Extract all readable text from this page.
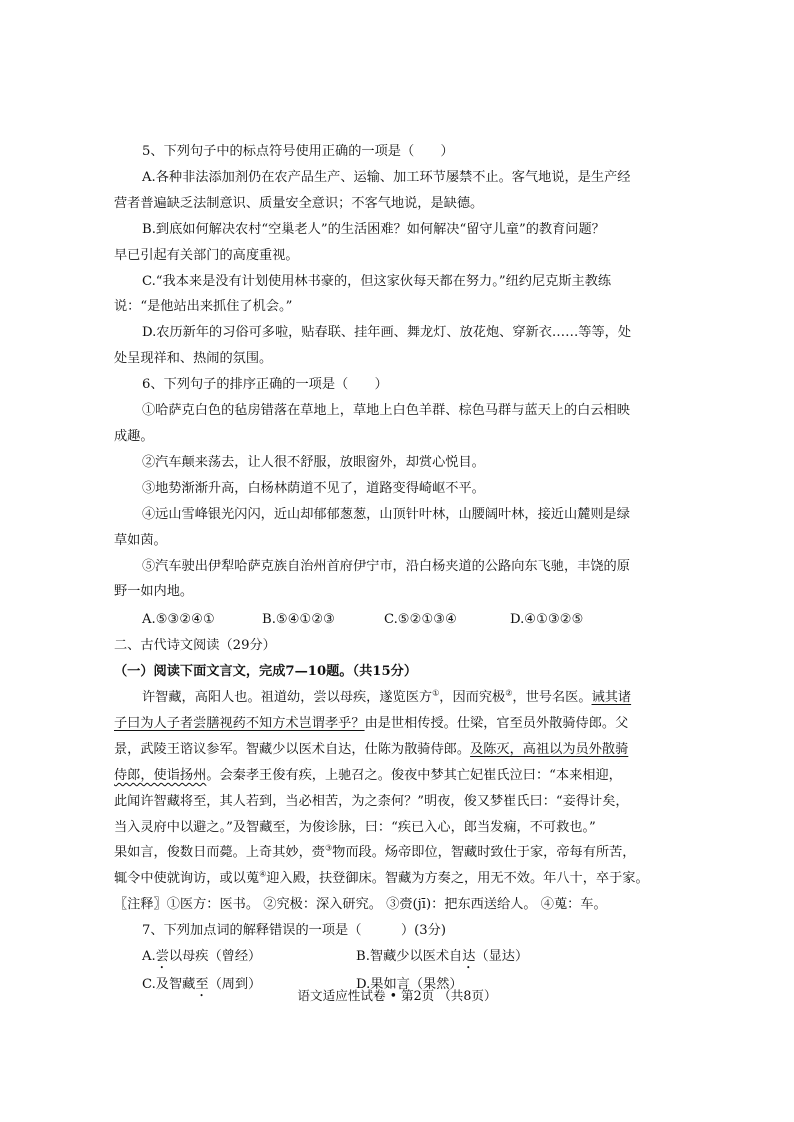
5、下列句子中的标点符号使用正确的一项是（　　）

A.各种非法添加剂仍在农产品生产、运输、加工环节屡禁不止。客气地说，是生产经

营者普遍缺乏法制意识、质量安全意识；不客气地说，是缺德。

B.到底如何解决农村“空巢老人”的生活困难？如何解决“留守儿童”的教育问题？

早已引起有关部门的高度重视。

C.“我本来是没有计划使用林书豪的，但这家伙每天都在努力。”纽约尼克斯主教练

说：“是他站出来抓住了机会。”

D.农历新年的习俗可多啦，贴春联、挂年画、舞龙灯、放花炮、穿新衣……等等，处

处呈现祥和、热闹的氛围。

6、下列句子的排序正确的一项是（　　）

①哈萨克白色的毡房错落在草地上，草地上白色羊群、棕色马群与蓝天上的白云相映

成趣。

②汽车颠来荡去，让人很不舒服，放眼窗外，却赏心悦目。

③地势渐渐升高，白杨林荫道不见了，道路变得崎岖不平。

④远山雪峰银光闪闪，近山却郁郁葱葱，山顶针叶林，山腰阔叶林，接近山麓则是绿

草如茵。

⑤汽车驶出伊犁哈萨克族自治州首府伊宁市，沿白杨夹道的公路向东飞驰，丰饶的原

野一如内地。

A.⑤③②④①	B.⑤④①②③	C.⑤②①③④	D.④①③②⑤

二、古代诗文阅读（29分）

（一）阅读下面文言文，完成7—10题。（共15分）

许智藏，高阳人也。祖道幼，尝以母疾，遂览医方①，因而究极②，世号名医。诫其诸

子曰为人子者尝膳视药不知方术岂谓孝乎？由是世相传授。仕梁，官至员外散骑侍郎。父

景，武陵王谘议参军。智藏少以医术自达，仕陈为散骑侍郎。及陈灭，高祖以为员外散骑

侍郎，使诣扬州。会秦孝王俊有疾，上驰召之。俊夜中梦其亡妃崔氏泣曰：“本来相迎，

此闻许智藏将至，其人若到，当必相苦，为之柰何？”明夜，俊又梦崔氏曰：“妾得计矣，

当入灵府中以避之。”及智藏至，为俊诊脉，曰：“疾已入心，郎当发痫，不可救也。”

果如言，俊数日而薨。上奇其妙，赍③物而段。炀帝即位，智藏时致仕于家，帝每有所苦，

辄令中使就询访，或以蒐④迎入殿，扶登御床。智藏为方奏之，用无不效。年八十，卒于家。

〖注释〗①医方：医书。 ②究极：深入研究。 ③赍(jī)：把东西送给人。 ④蒐：车。

7、下列加点词的解释错误的一项是（　　　）(3分)

A.尝以母疾（曾经）	B.智藏少以医术自达（显达）
C.及智藏至（周到）	D.果如言（果然）
语文适应性试卷 • 第2页 （共8页）
